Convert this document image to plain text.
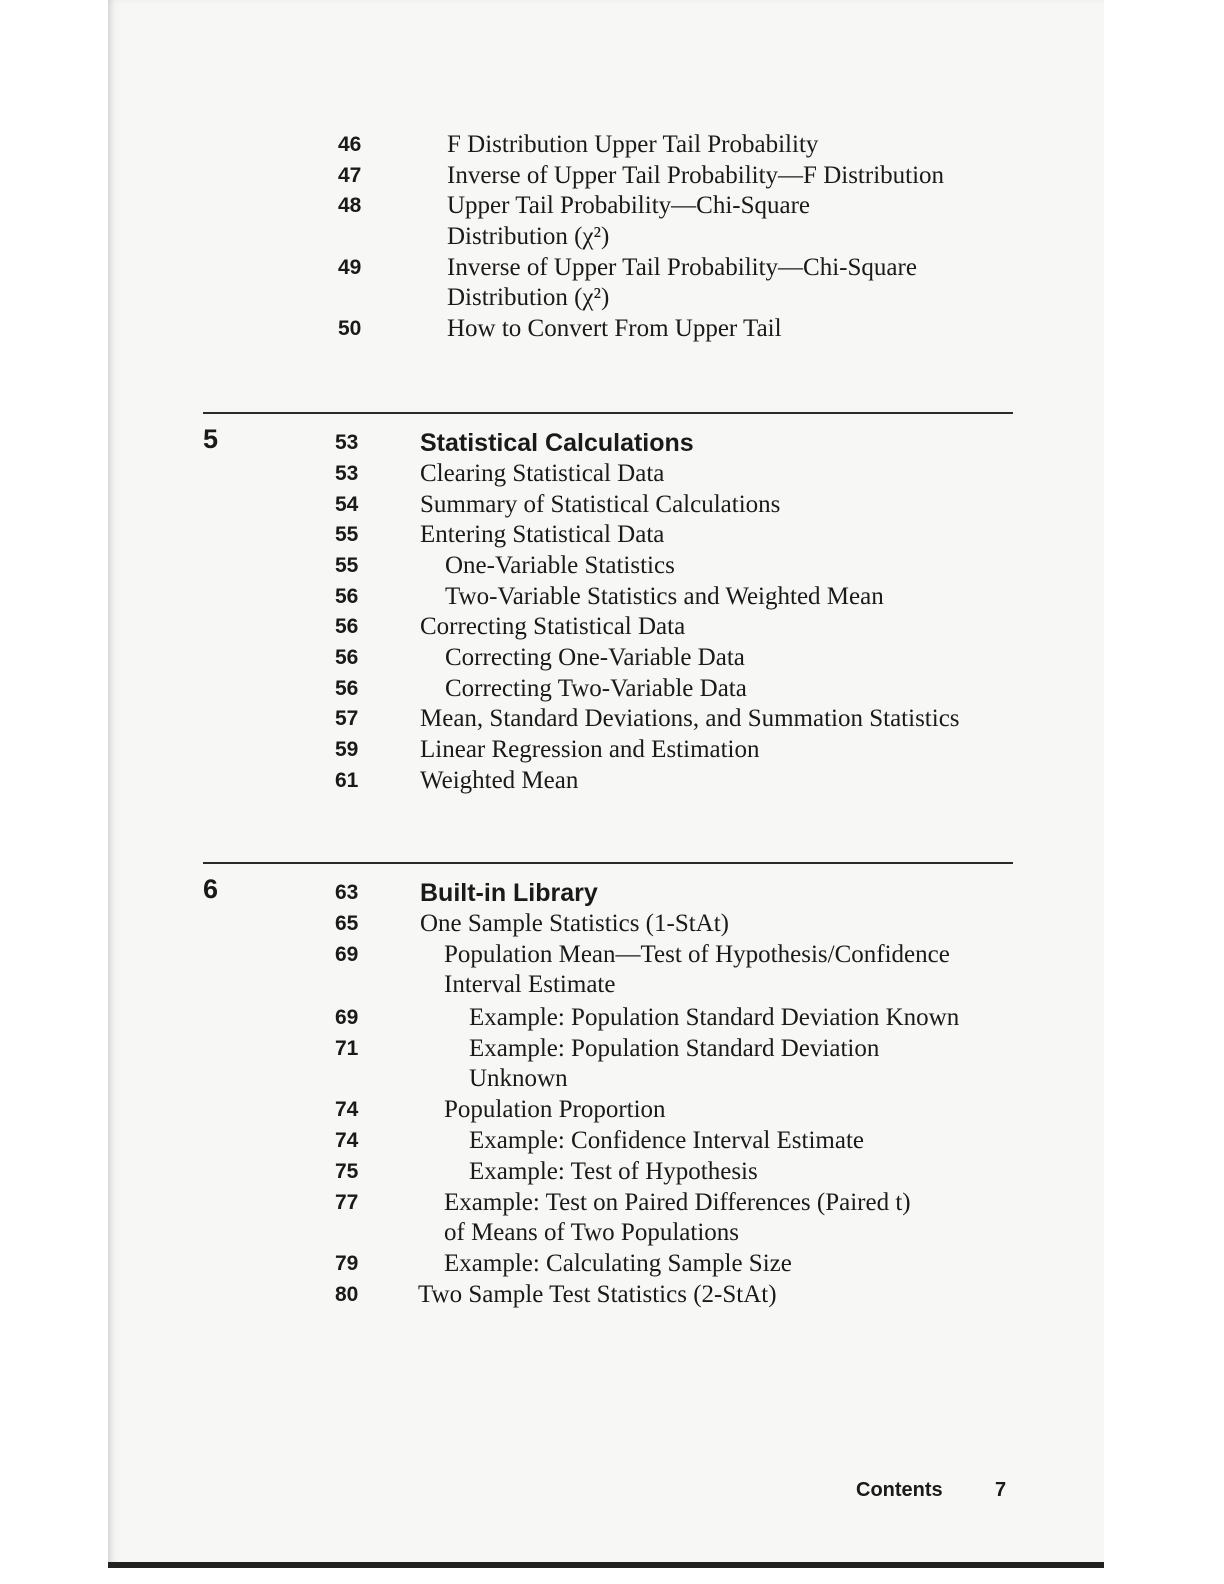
46	F Distribution Upper Tail Probability
47	Inverse of Upper Tail Probability—F Distribution
48	Upper Tail Probability—Chi-Square
Distribution (χ²)
49	Inverse of Upper Tail Probability—Chi-Square
Distribution (χ²)
50	How to Convert From Upper Tail
5	53 Statistical Calculations
53 Clearing Statistical Data
54 Summary of Statistical Calculations
55 Entering Statistical Data
55	One-Variable Statistics
56	Two-Variable Statistics and Weighted Mean
56 Correcting Statistical Data
56	Correcting One-Variable Data
56	Correcting Two-Variable Data
57 Mean, Standard Deviations, and Summation Statistics
59 Linear Regression and Estimation
61 Weighted Mean
6	63 Built-in Library
65 One Sample Statistics (1-StAt)
69	Population Mean—Test of Hypothesis/Confidence
Interval Estimate
69	Example: Population Standard Deviation Known
71	Example: Population Standard Deviation
Unknown
74	Population Proportion
74	Example: Confidence Interval Estimate
75	Example: Test of Hypothesis
77	Example: Test on Paired Differences (Paired t)
of Means of Two Populations
79	Example: Calculating Sample Size
80 Two Sample Test Statistics (2-StAt)
Contents	7
